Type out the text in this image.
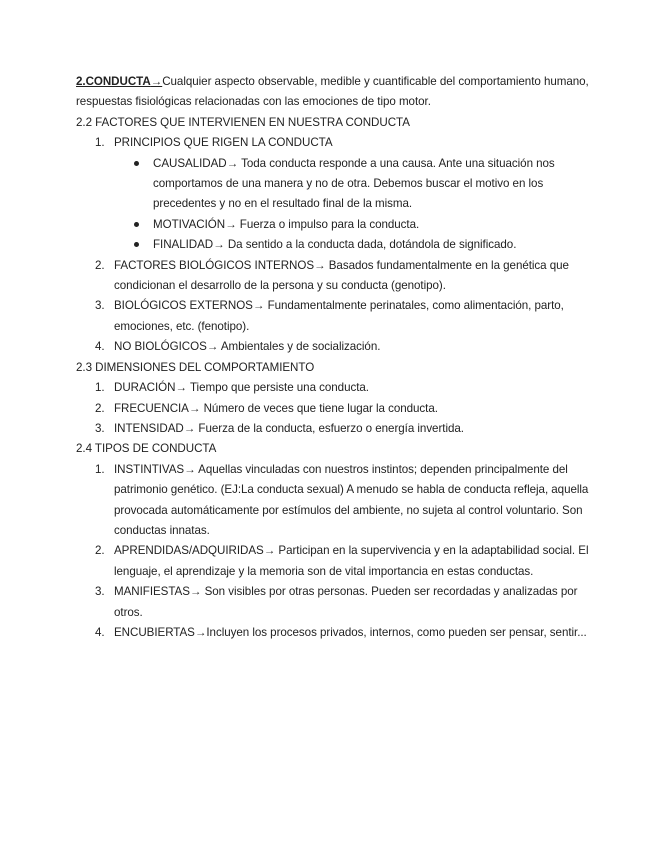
2.CONDUCTA→Cualquier aspecto observable, medible y cuantificable del comportamiento humano, respuestas fisiológicas relacionadas con las emociones de tipo motor.

2.2 FACTORES QUE INTERVIENEN EN NUESTRA CONDUCTA

1. PRINCIPIOS QUE RIGEN LA CONDUCTA
CAUSALIDAD→ Toda conducta responde a una causa. Ante una situación nos comportamos de una manera y no de otra. Debemos buscar el motivo en los precedentes y no en el resultado final de la misma.
MOTIVACIÓN→ Fuerza o impulso para la conducta.
FINALIDAD→ Da sentido a la conducta dada, dotándola de significado.
2. FACTORES BIOLÓGICOS INTERNOS→ Basados fundamentalmente en la genética que condicionan el desarrollo de la persona y su conducta (genotipo).
3. BIOLÓGICOS EXTERNOS→ Fundamentalmente perinatales, como alimentación, parto, emociones, etc. (fenotipo).
4. NO BIOLÓGICOS→ Ambientales y de socialización.

2.3 DIMENSIONES DEL COMPORTAMIENTO

1. DURACIÓN→ Tiempo que persiste una conducta.
2. FRECUENCIA→ Número de veces que tiene lugar la conducta.
3. INTENSIDAD→ Fuerza de la conducta, esfuerzo o energía invertida.

2.4 TIPOS DE CONDUCTA

1. INSTINTIVAS→ Aquellas vinculadas con nuestros instintos; dependen principalmente del patrimonio genético. (EJ:La conducta sexual) A menudo se habla de conducta refleja, aquella provocada automáticamente por estímulos del ambiente, no sujeta al control voluntario. Son conductas innatas.
2. APRENDIDAS/ADQUIRIDAS→ Participan en la supervivencia y en la adaptabilidad social. El lenguaje, el aprendizaje y la memoria son de vital importancia en estas conductas.
3. MANIFIESTAS→ Son visibles por otras personas. Pueden ser recordadas y analizadas por otros.
4. ENCUBIERTAS→Incluyen los procesos privados, internos, como pueden ser pensar, sentir...
